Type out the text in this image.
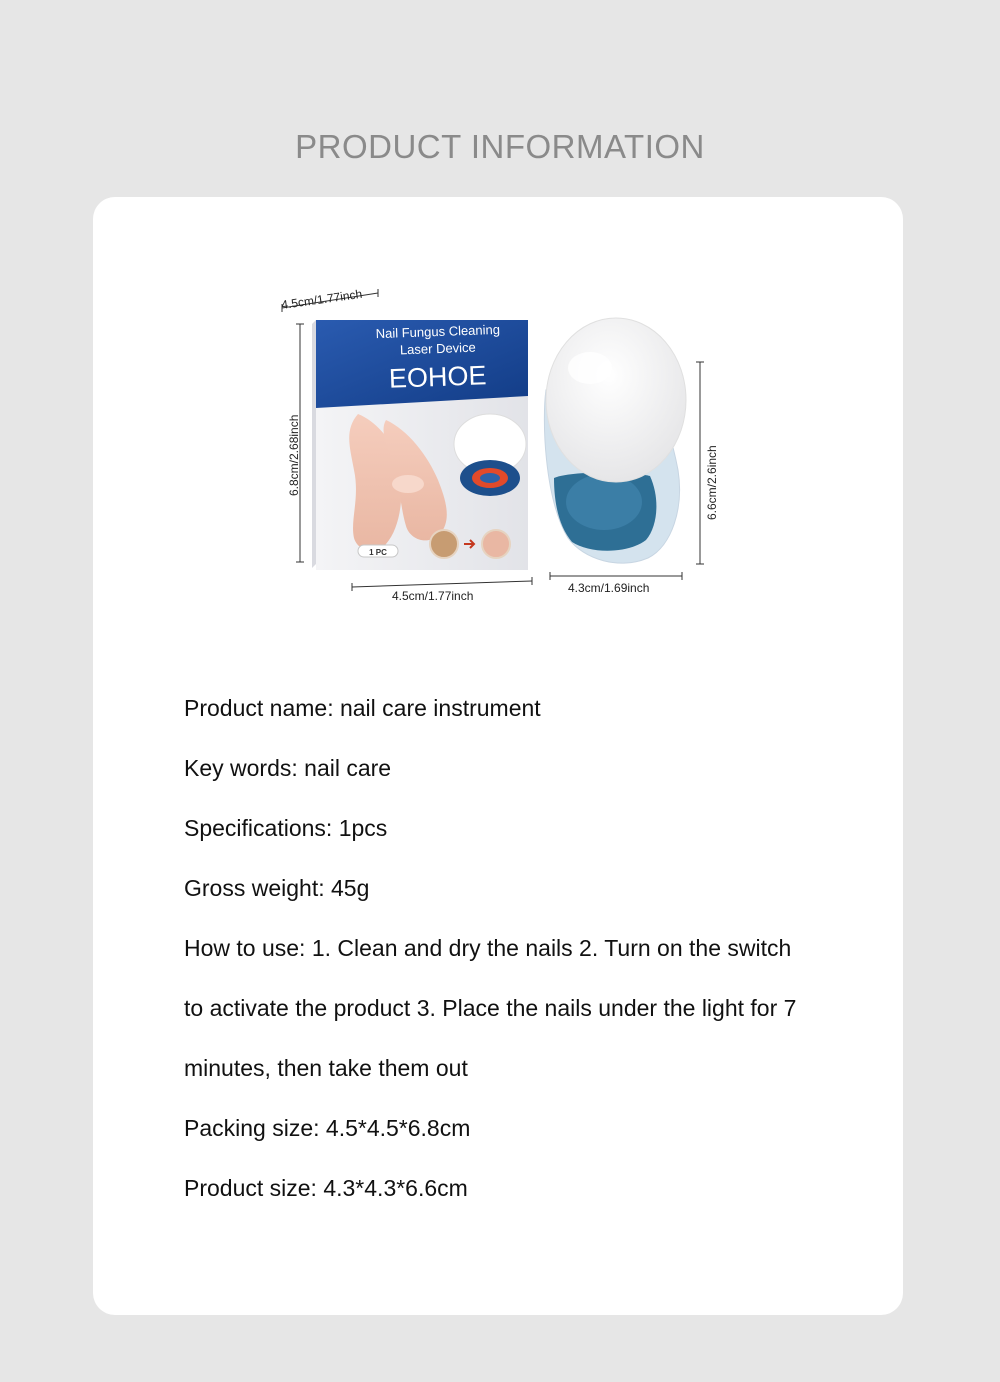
PRODUCT INFORMATION
4.5cm/1.77inch
6.8cm/2.68inch
Nail Fungus Cleaning
Laser Device
EOHOE
1 PC
4.5cm/1.77inch
6.6cm/2.6inch
4.3cm/1.69inch
Product name: nail care instrument
Key words: nail care
Specifications: 1pcs
Gross weight: 45g
How to use: 1. Clean and dry the nails 2. Turn on the switch
to activate the product 3. Place the nails under the light for 7
minutes, then take them out
Packing size: 4.5*4.5*6.8cm
Product size: 4.3*4.3*6.6cm
